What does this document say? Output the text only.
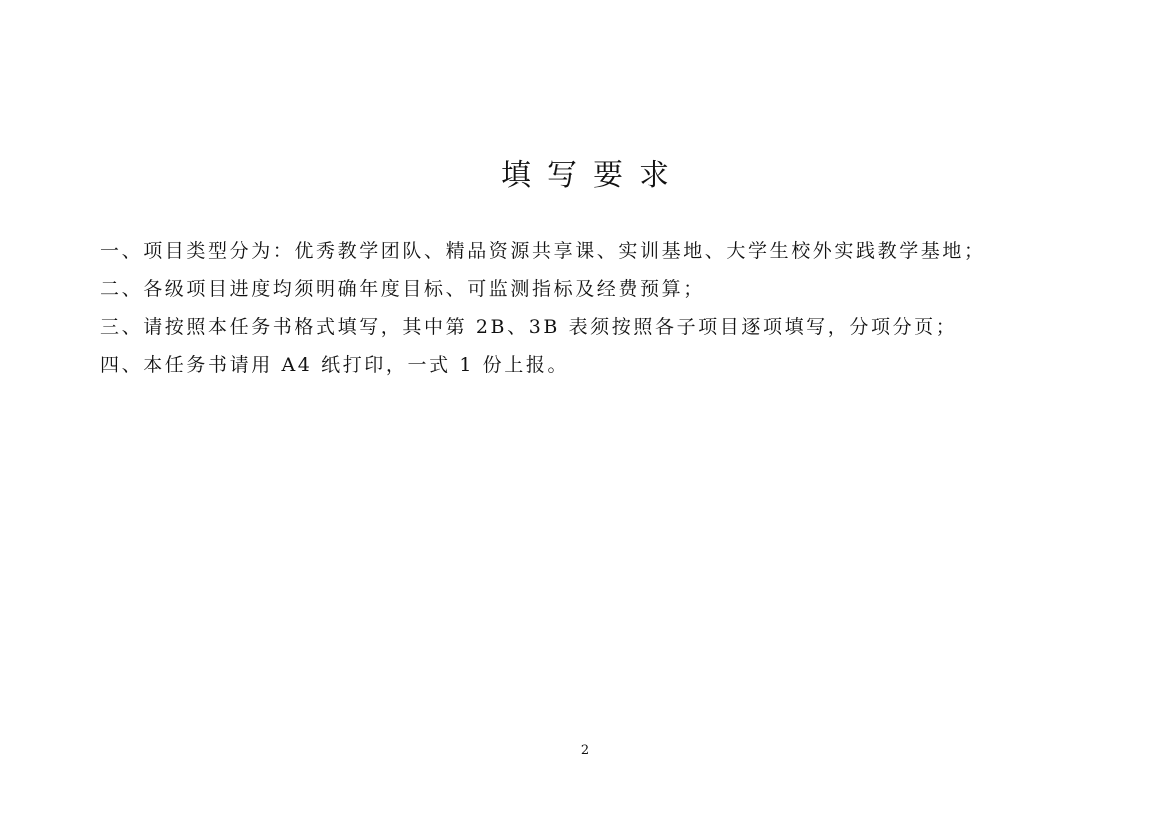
填写要求
一、项目类型分为：优秀教学团队、精品资源共享课、实训基地、大学生校外实践教学基地；
二、各级项目进度均须明确年度目标、可监测指标及经费预算；
三、请按照本任务书格式填写，其中第 2B、3B 表须按照各子项目逐项填写，分项分页；
四、本任务书请用 A4 纸打印，一式 1 份上报。
2
